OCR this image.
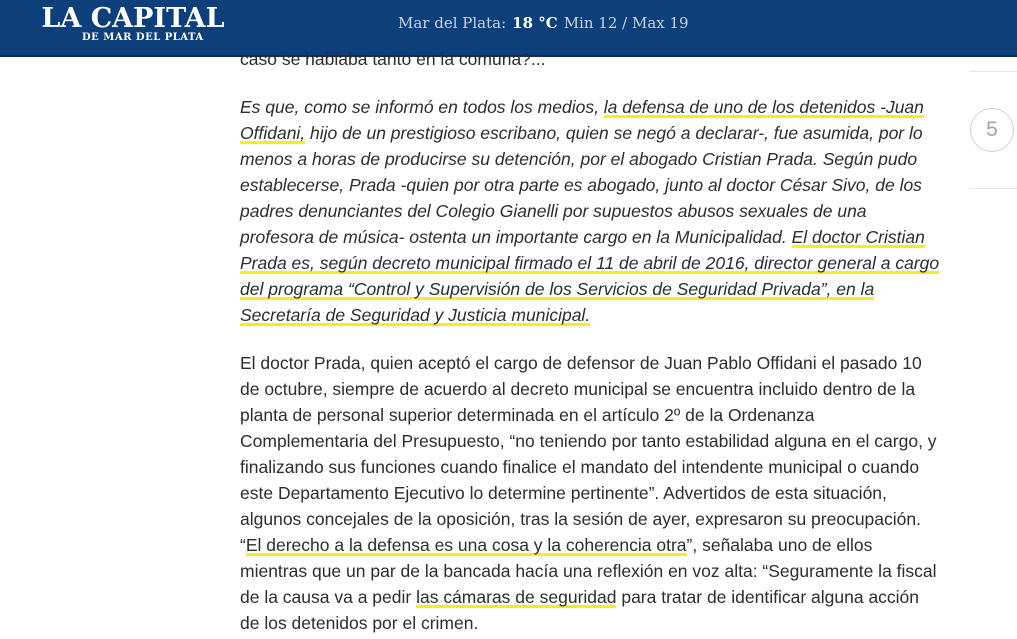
LA CAPITAL
DE MAR DEL PLATA
Mar del Plata: 18 °C Min 12 / Max 19

caso se hablaba tanto en la comuna?...

Es que, como se informó en todos los medios, la defensa de uno de los detenidos -Juan Offidani, hijo de un prestigioso escribano, quien se negó a declarar-, fue asumida, por lo menos a horas de producirse su detención, por el abogado Cristian Prada. Según pudo establecerse, Prada -quien por otra parte es abogado, junto al doctor César Sivo, de los padres denunciantes del Colegio Gianelli por supuestos abusos sexuales de una profesora de música- ostenta un importante cargo en la Municipalidad. El doctor Cristian Prada es, según decreto municipal firmado el 11 de abril de 2016, director general a cargo del programa “Control y Supervisión de los Servicios de Seguridad Privada”, en la Secretaría de Seguridad y Justicia municipal.

El doctor Prada, quien aceptó el cargo de defensor de Juan Pablo Offidani el pasado 10 de octubre, siempre de acuerdo al decreto municipal se encuentra incluido dentro de la planta de personal superior determinada en el artículo 2º de la Ordenanza Complementaria del Presupuesto, “no teniendo por tanto estabilidad alguna en el cargo, y finalizando sus funciones cuando finalice el mandato del intendente municipal o cuando este Departamento Ejecutivo lo determine pertinente”. Advertidos de esta situación, algunos concejales de la oposición, tras la sesión de ayer, expresaron su preocupación. “El derecho a la defensa es una cosa y la coherencia otra”, señalaba uno de ellos mientras que un par de la bancada hacía una reflexión en voz alta: “Seguramente la fiscal de la causa va a pedir las cámaras de seguridad para tratar de identificar alguna acción de los detenidos por el crimen.

5
